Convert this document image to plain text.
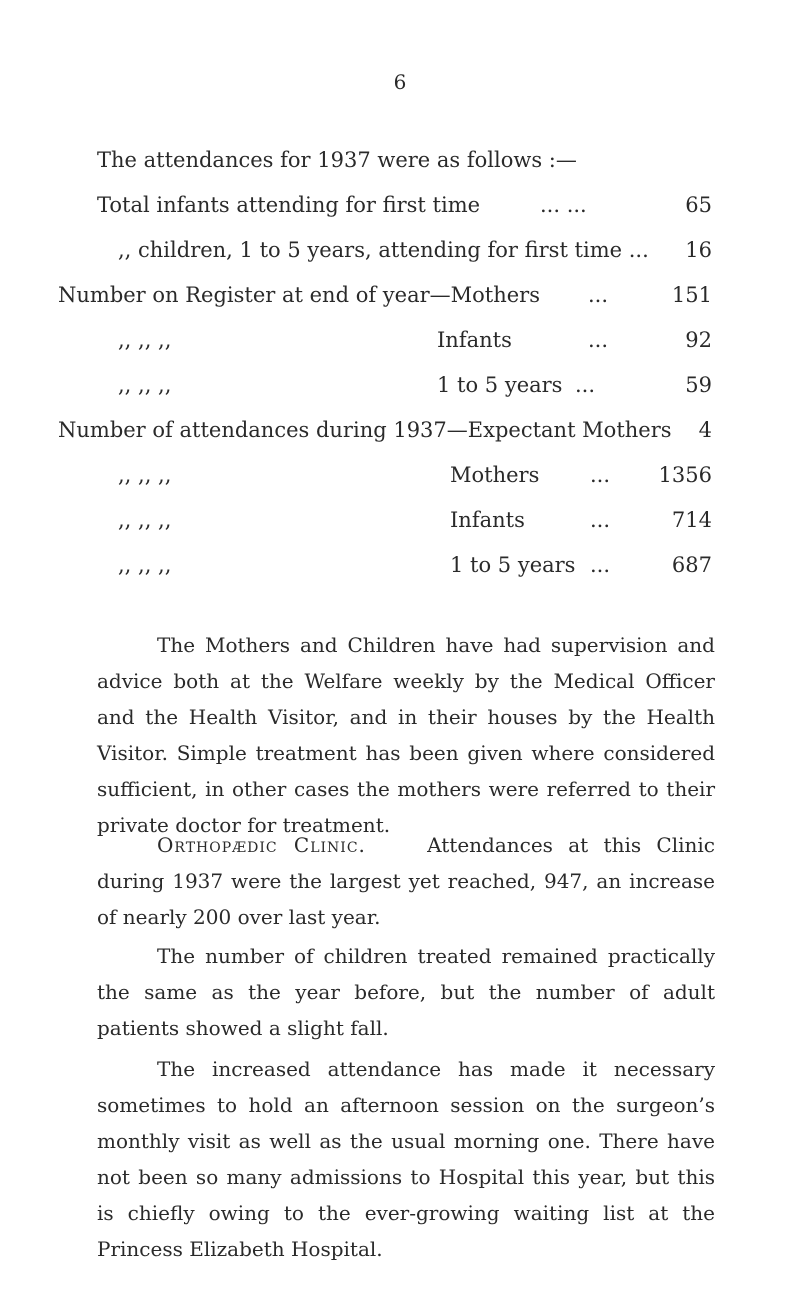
6
The attendances for 1937 were as follows :—
Total infants attending for first time	... ...	65
,, children, 1 to 5 years, attending for first time ...	16
Number on Register at end of year—Mothers ...	151
,, ,, ,,	Infants	...	92
,, ,, ,,	1 to 5 years ...	59
Number of attendances during 1937—Expectant Mothers	4
,, ,, ,,	Mothers ...	1356
,, ,, ,,	Infants	...	714
,, ,, ,,	1 to 5 years ...	687

The Mothers and Children have had supervision and advice both at the Welfare weekly by the Medical Officer and the Health Visitor, and in their houses by the Health Visitor. Simple treatment has been given where considered sufficient, in other cases the mothers were referred to their private doctor for treatment.

Orthopædic Clinic.	Attendances at this Clinic during 1937 were the largest yet reached, 947, an increase of nearly 200 over last year.

The number of children treated remained practically the same as the year before, but the number of adult patients showed a slight fall.

The increased attendance has made it necessary sometimes to hold an afternoon session on the surgeon’s monthly visit as well as the usual morning one. There have not been so many admissions to Hospital this year, but this is chiefly owing to the ever-growing waiting list at the Princess Elizabeth Hospital.
